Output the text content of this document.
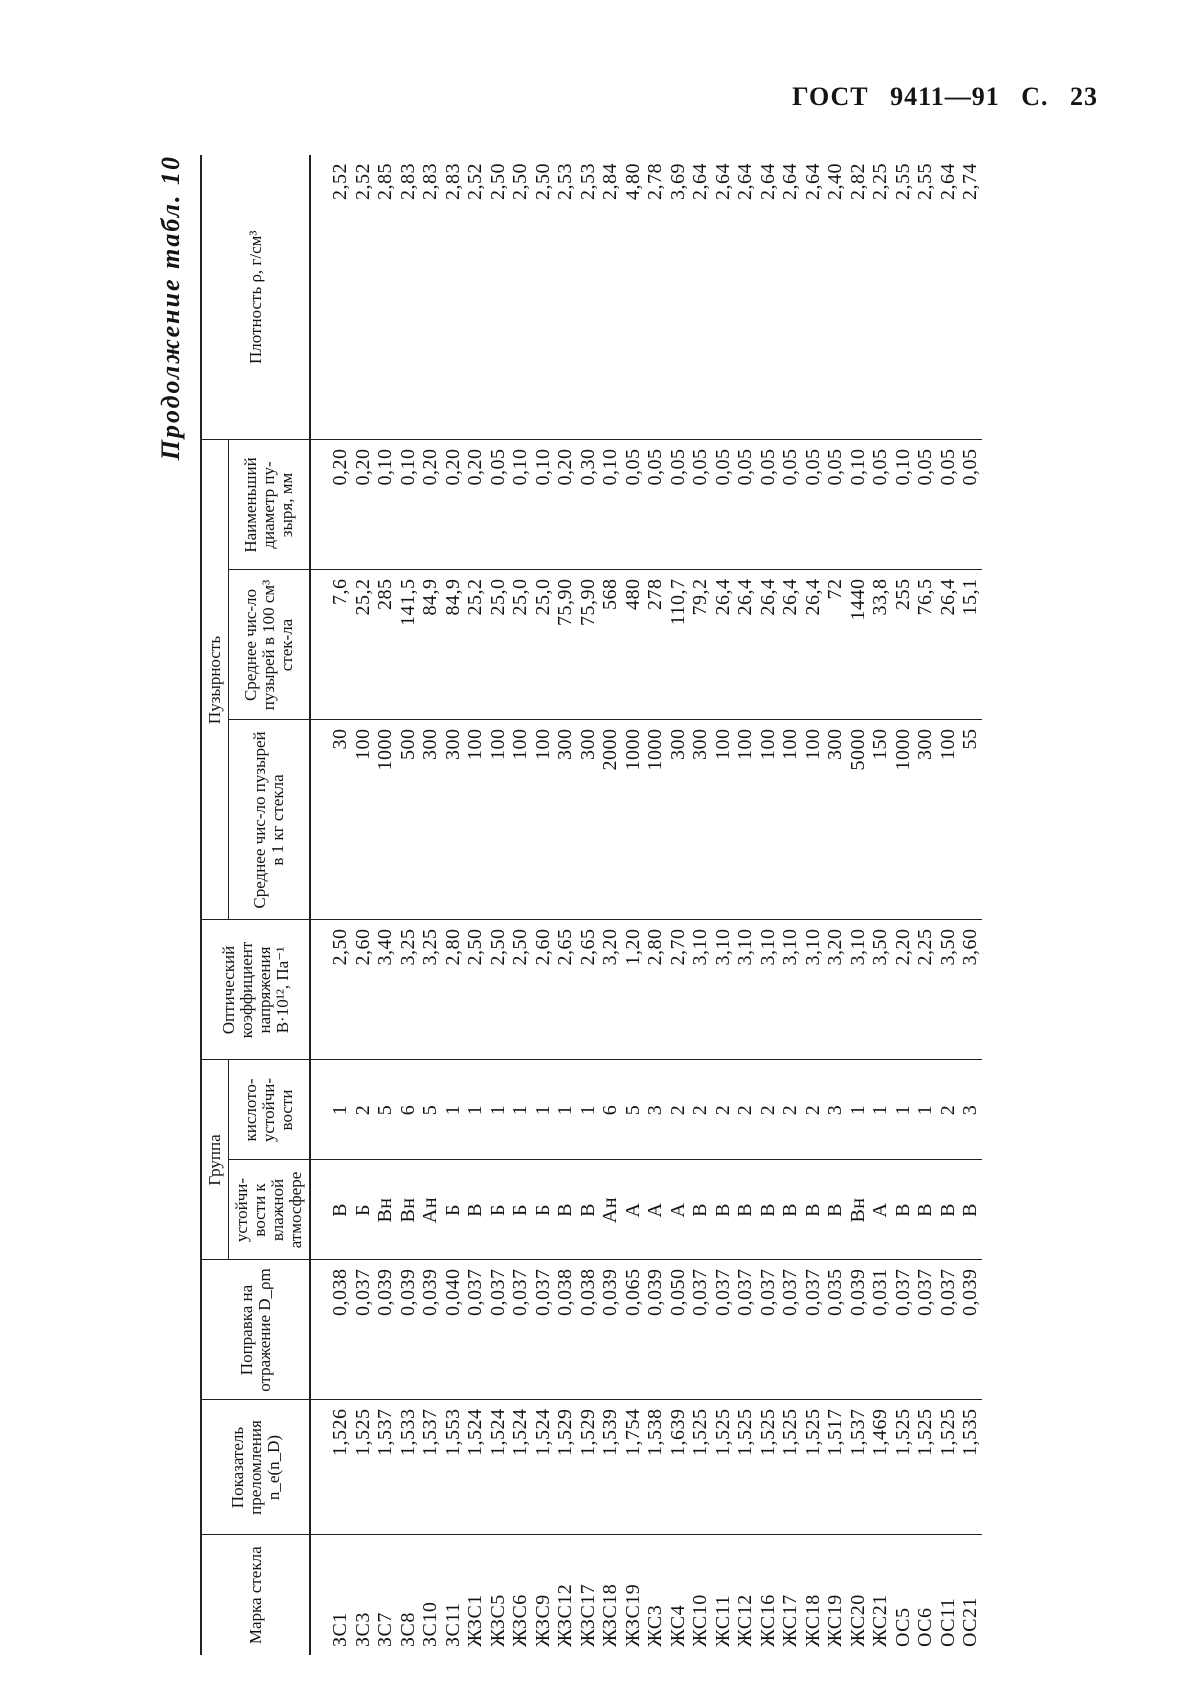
ГОСТ 9411—91 С. 23
Продолжение табл. 10
Марка стекла	Показатель преломления n_e(n_D)	Поправка на отражение D_ρm	Группа		Оптический коэффициент напряжения В·10¹², Па⁻¹	Пузырность			Плотность ρ, г/см³
			устойчи-вости к влажной атмосфере	кислото-устойчи-вости		Среднее чис-ло пузырей в 1 кг стекла	Среднее чис-ло пузырей в 100 см³ стек-ла	Наименьший диаметр пу-зыря, мм	
ЗС1	1,526	0,038	В	1	2,50	30	7,6	0,20	2,52
ЗС3	1,525	0,037	Б	2	2,60	100	25,2	0,20	2,52
ЗС7	1,537	0,039	Вн	5	3,40	1000	285	0,10	2,85
ЗС8	1,533	0,039	Вн	6	3,25	500	141,5	0,10	2,83
ЗС10	1,537	0,039	Ан	5	3,25	300	84,9	0,20	2,83
ЗС11	1,553	0,040	Б	1	2,80	300	84,9	0,20	2,83
ЖЗС1	1,524	0,037	В	1	2,50	100	25,2	0,20	2,52
ЖЗС5	1,524	0,037	Б	1	2,50	100	25,0	0,05	2,50
ЖЗС6	1,524	0,037	Б	1	2,50	100	25,0	0,10	2,50
ЖЗС9	1,524	0,037	Б	1	2,60	100	25,0	0,10	2,50
ЖЗС12	1,529	0,038	В	1	2,65	300	75,90	0,20	2,53
ЖЗС17	1,529	0,038	В	1	2,65	300	75,90	0,30	2,53
ЖЗС18	1,539	0,039	Ан	6	3,20	2000	568	0,10	2,84
ЖЗС19	1,754	0,065	А	5	1,20	1000	480	0,05	4,80
ЖС3	1,538	0,039	А	3	2,80	1000	278	0,05	2,78
ЖС4	1,639	0,050	А	2	2,70	300	110,7	0,05	3,69
ЖС10	1,525	0,037	В	2	3,10	300	79,2	0,05	2,64
ЖС11	1,525	0,037	В	2	3,10	100	26,4	0,05	2,64
ЖС12	1,525	0,037	В	2	3,10	100	26,4	0,05	2,64
ЖС16	1,525	0,037	В	2	3,10	100	26,4	0,05	2,64
ЖС17	1,525	0,037	В	2	3,10	100	26,4	0,05	2,64
ЖС18	1,525	0,037	В	2	3,10	100	26,4	0,05	2,64
ЖС19	1,517	0,035	В	3	3,20	300	72	0,05	2,40
ЖС20	1,537	0,039	Вн	1	3,10	5000	1440	0,10	2,82
ЖС21	1,469	0,031	А	1	3,50	150	33,8	0,05	2,25
ОС5	1,525	0,037	В	1	2,20	1000	255	0,10	2,55
ОС6	1,525	0,037	В	1	2,25	300	76,5	0,05	2,55
ОС11	1,525	0,037	В	2	3,50	100	26,4	0,05	2,64
ОС21	1,535	0,039	В	3	3,60	55	15,1	0,05	2,74
